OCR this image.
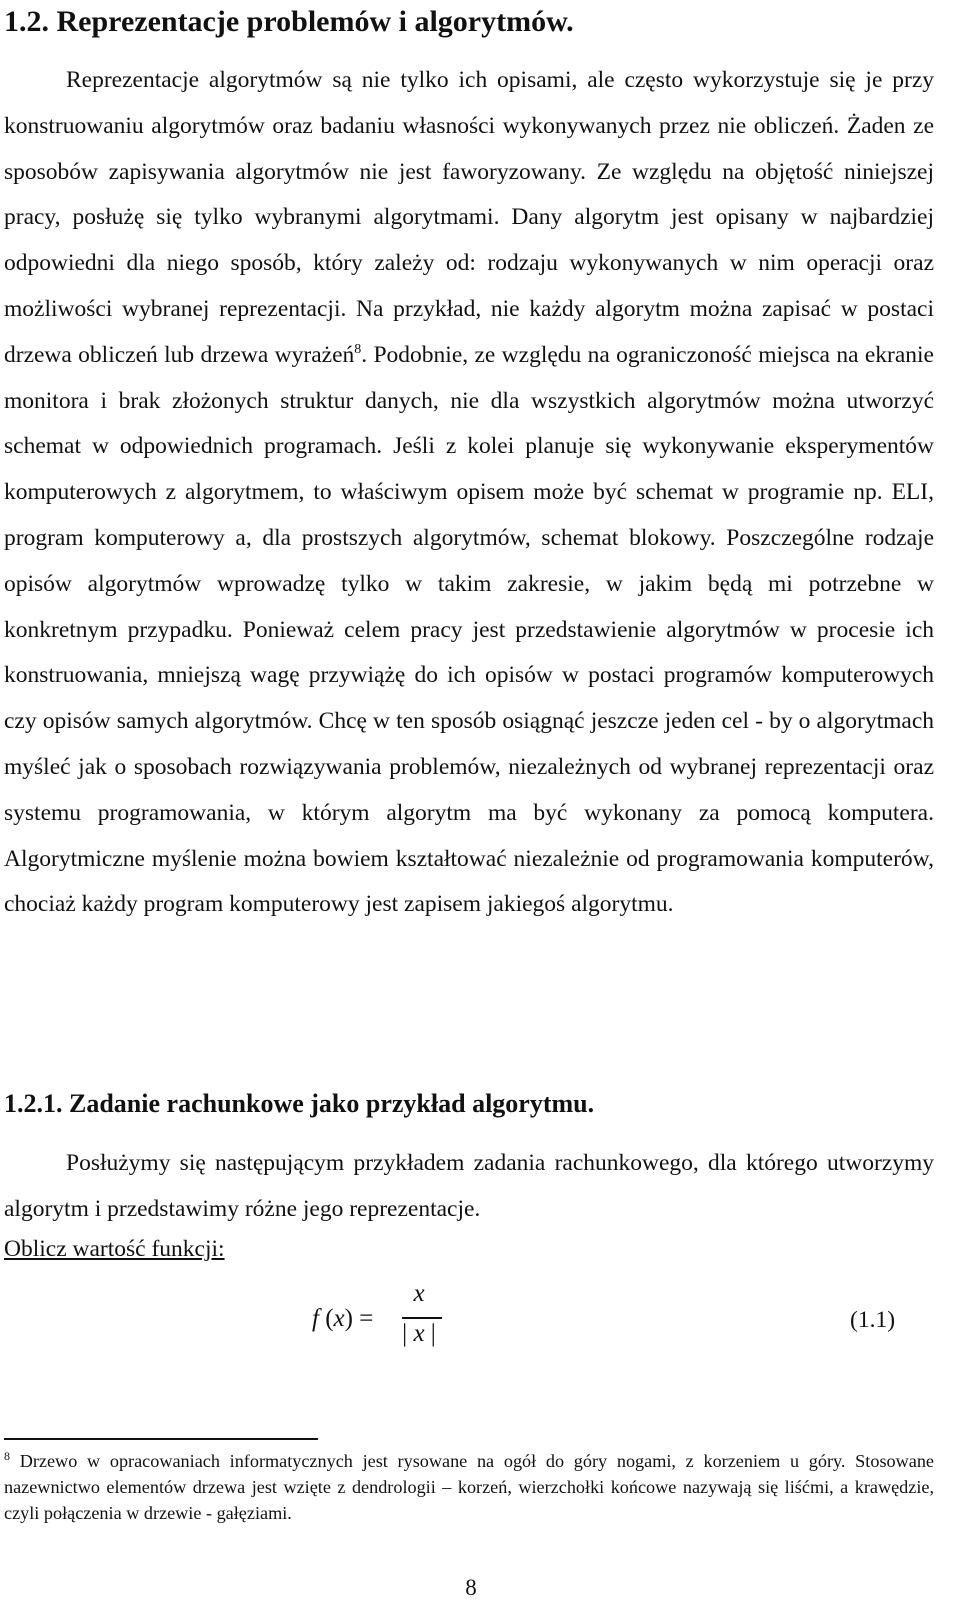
1.2. Reprezentacje problemów i algorytmów.

Reprezentacje algorytmów są nie tylko ich opisami, ale często wykorzystuje się je przy konstruowaniu algorytmów oraz badaniu własności wykonywanych przez nie obliczeń. Żaden ze sposobów zapisywania algorytmów nie jest faworyzowany. Ze względu na objętość niniejszej pracy, posłużę się tylko wybranymi algorytmami. Dany algorytm jest opisany w najbardziej odpowiedni dla niego sposób, który zależy od: rodzaju wykonywanych w nim operacji oraz możliwości wybranej reprezentacji. Na przykład, nie każdy algorytm można zapisać w postaci drzewa obliczeń lub drzewa wyrażeń$^8$. Podobnie, ze względu na ograniczoność miejsca na ekranie monitora i brak złożonych struktur danych, nie dla wszystkich algorytmów można utworzyć schemat w odpowiednich programach. Jeśli z kolei planuje się wykonywanie eksperymentów komputerowych z algorytmem, to właściwym opisem może być schemat w programie np. ELI, program komputerowy a, dla prostszych algorytmów, schemat blokowy. Poszczególne rodzaje opisów algorytmów wprowadzę tylko w takim zakresie, w jakim będą mi potrzebne w konkretnym przypadku. Ponieważ celem pracy jest przedstawienie algorytmów w procesie ich konstruowania, mniejszą wagę przywiążę do ich opisów w postaci programów komputerowych czy opisów samych algorytmów. Chcę w ten sposób osiągnąć jeszcze jeden cel - by o algorytmach myśleć jak o sposobach rozwiązywania problemów, niezależnych od wybranej reprezentacji oraz systemu programowania, w którym algorytm ma być wykonany za pomocą komputera. Algorytmiczne myślenie można bowiem kształtować niezależnie od programowania komputerów, chociaż każdy program komputerowy jest zapisem jakiegoś algorytmu.

1.2.1. Zadanie rachunkowe jako przykład algorytmu.

Posłużymy się następującym przykładem zadania rachunkowego, dla którego utworzymy algorytm i przedstawimy różne jego reprezentacje.

Oblicz wartość funkcji:

f (x) =
x
| x |	(1.1)

$^8$ Drzewo w opracowaniach informatycznych jest rysowane na ogół do góry nogami, z korzeniem u góry. Stosowane nazewnictwo elementów drzewa jest wzięte z dendrologii – korzeń, wierzchołki końcowe nazywają się liśćmi, a krawędzie, czyli połączenia w drzewie - gałęziami.

8
